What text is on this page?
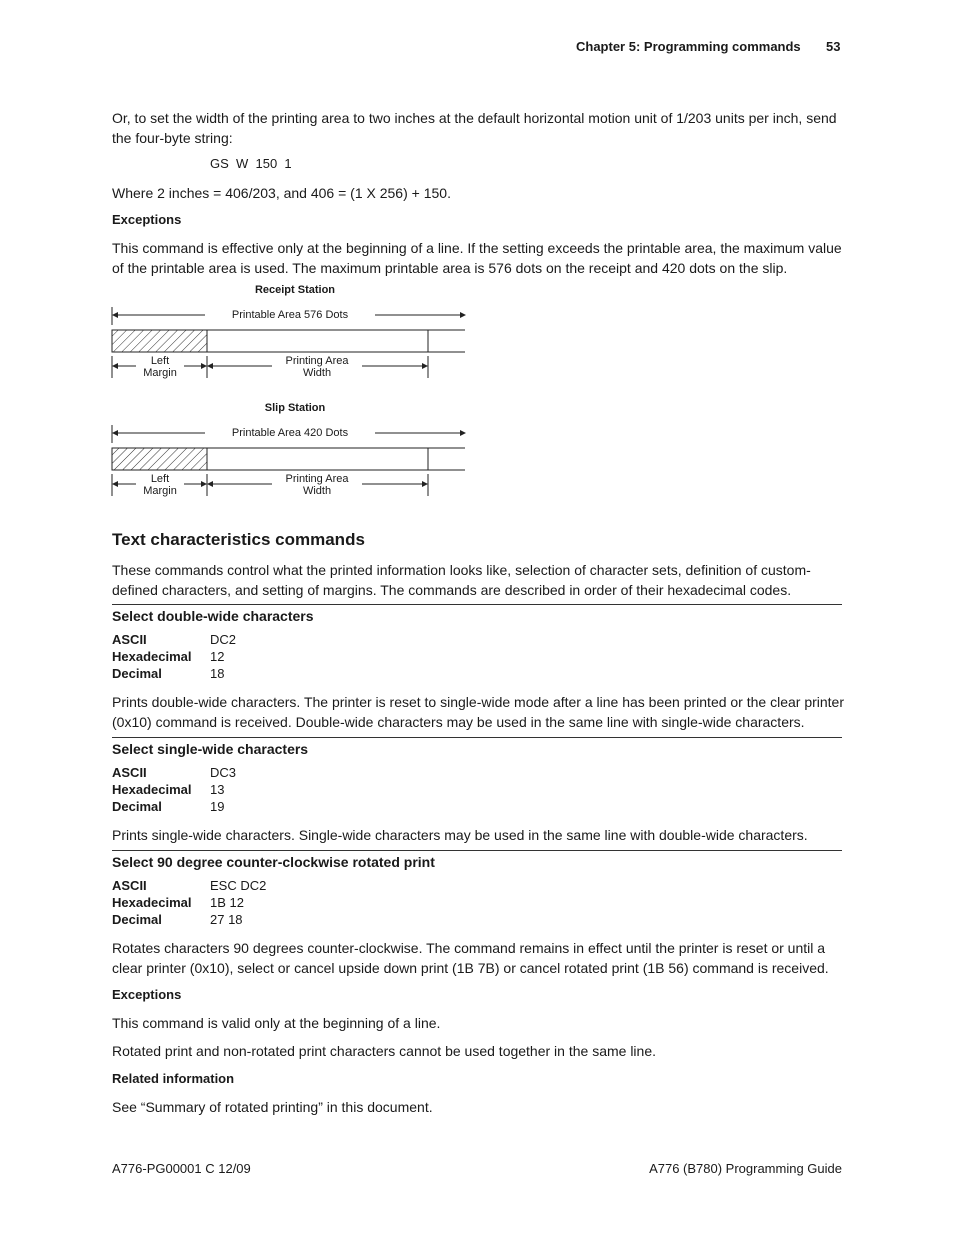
Chapter 5: Programming commands 53

Or, to set the width of the printing area to two inches at the default horizontal motion unit of 1/203 units per inch, send the four-byte string:

GS  W  150  1

Where 2 inches = 406/203, and 406 = (1 X 256) + 150.

Exceptions

This command is effective only at the beginning of a line. If the setting exceeds the printable area, the maximum value of the printable area is used. The maximum printable area is 576 dots on the receipt and 420 dots on the slip.

Receipt Station
Printable Area 576 Dots
Left
Margin
Printing Area
Width
Slip Station
Printable Area 420 Dots
Left
Margin
Printing Area
Width
Text characteristics commands

These commands control what the printed information looks like, selection of character sets, definition of custom-defined characters, and setting of margins. The commands are described in order of their hexadecimal codes.

Select double-wide characters
ASCII	DC2
Hexadecimal	12
Decimal	18

Prints double-wide characters. The printer is reset to single-wide mode after a line has been printed or the clear printer (0x10) command is received. Double-wide characters may be used in the same line with single-wide characters.

Select single-wide characters
ASCII	DC3
Hexadecimal	13
Decimal	19

Prints single-wide characters. Single-wide characters may be used in the same line with double-wide characters.

Select 90 degree counter-clockwise rotated print
ASCII	ESC DC2
Hexadecimal	1B 12
Decimal	27 18

Rotates characters 90 degrees counter-clockwise. The command remains in effect until the printer is reset or until a clear printer (0x10), select or cancel upside down print (1B 7B) or cancel rotated print (1B 56) command is received.

Exceptions

This command is valid only at the beginning of a line.

Rotated print and non-rotated print characters cannot be used together in the same line.

Related information

See “Summary of rotated printing” in this document.

A776-PG00001 C 12/09	A776 (B780) Programming Guide
